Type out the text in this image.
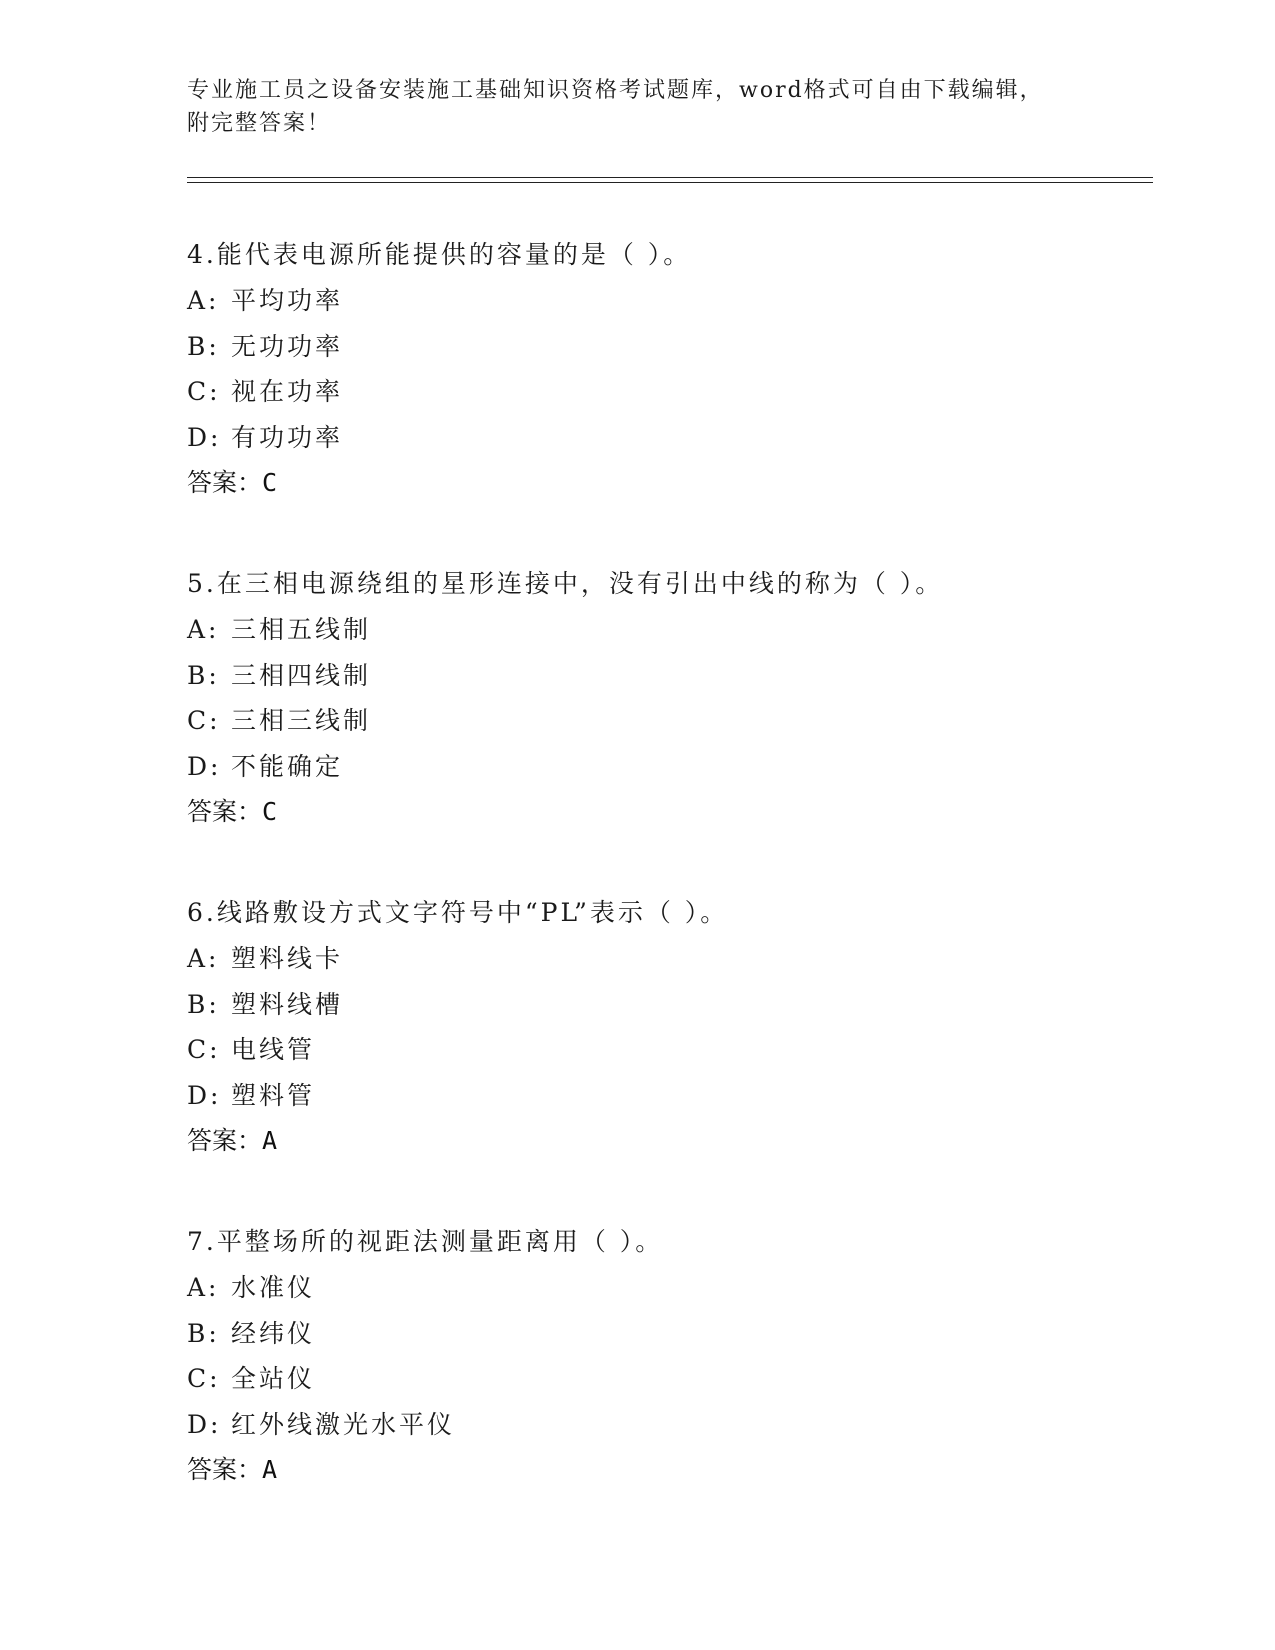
专业施工员之设备安装施工基础知识资格考试题库，word格式可自由下载编辑，
附完整答案！
4.能代表电源所能提供的容量的是（ ）。
A: 平均功率
B: 无功功率
C: 视在功率
D: 有功功率
答案：C
5.在三相电源绕组的星形连接中，没有引出中线的称为（ ）。
A: 三相五线制
B: 三相四线制
C: 三相三线制
D: 不能确定
答案：C
6.线路敷设方式文字符号中“PL”表示（ ）。
A: 塑料线卡
B: 塑料线槽
C: 电线管
D: 塑料管
答案：A
7.平整场所的视距法测量距离用（ ）。
A: 水准仪
B: 经纬仪
C: 全站仪
D: 红外线激光水平仪
答案：A
